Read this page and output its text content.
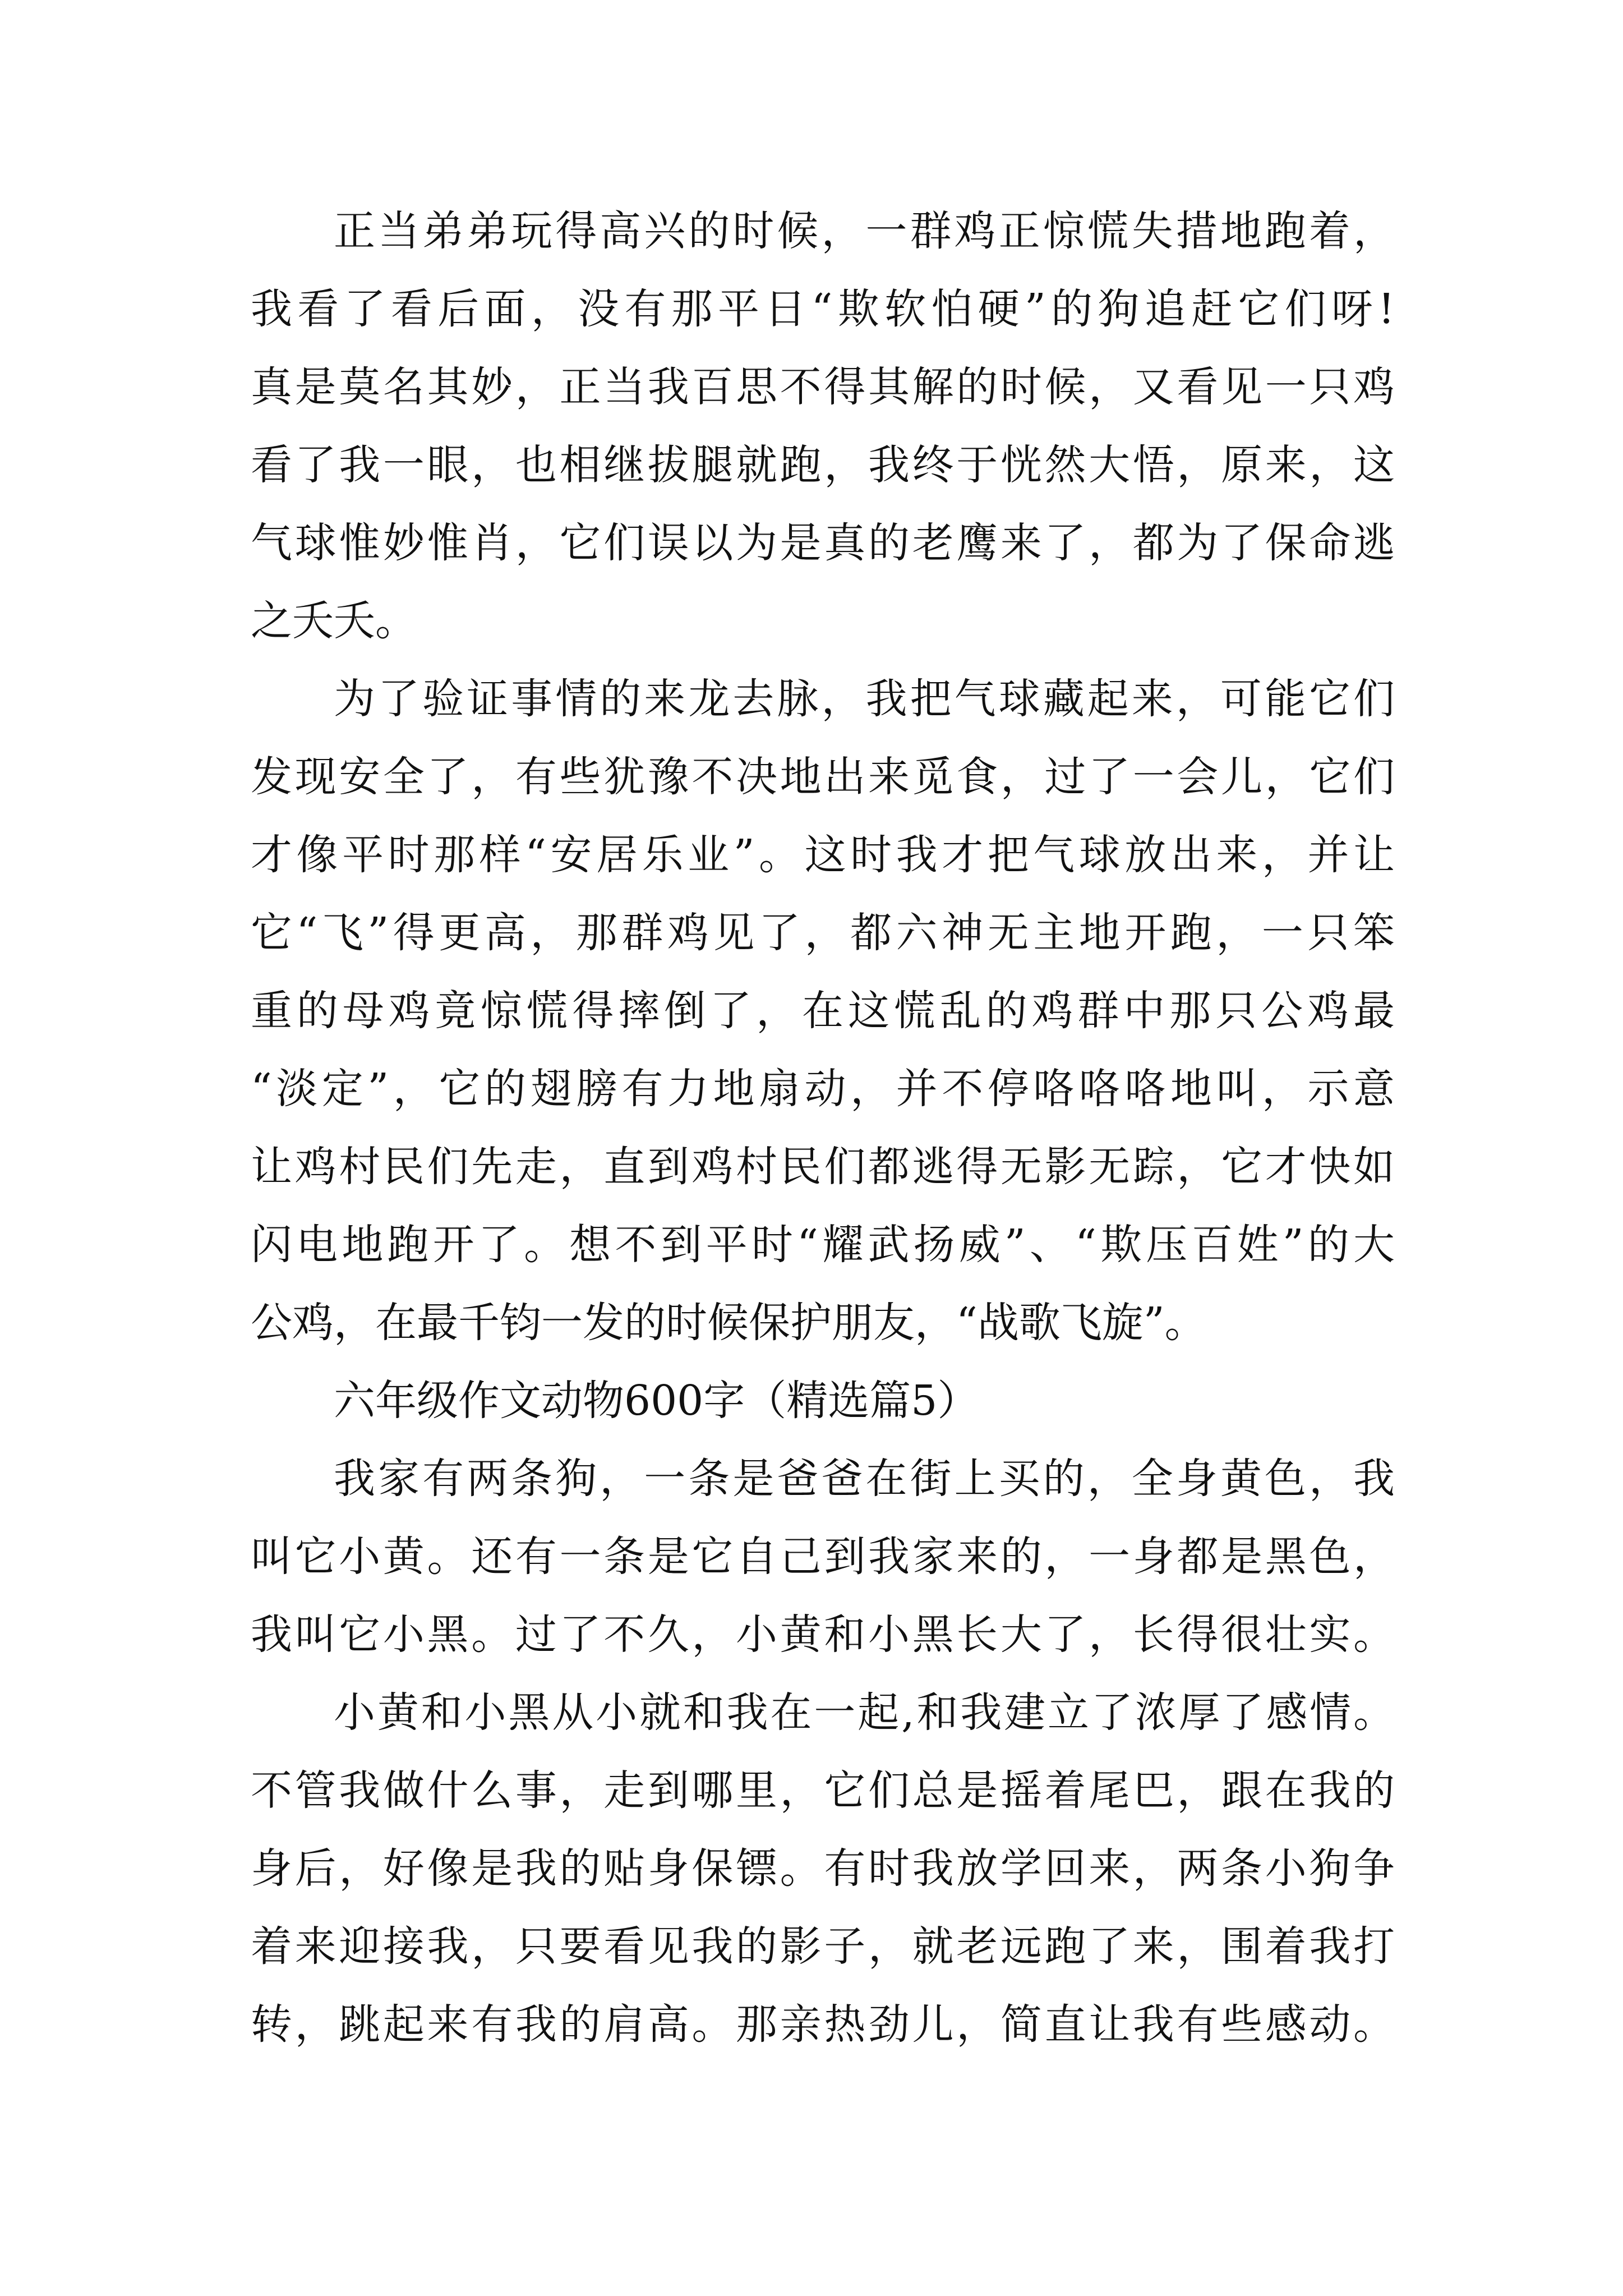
正当弟弟玩得高兴的时候，一群鸡正惊慌失措地跑着，
我看了看后面，没有那平日“欺软怕硬”的狗追赶它们呀!
真是莫名其妙，正当我百思不得其解的时候，又看见一只鸡
看了我一眼，也相继拔腿就跑，我终于恍然大悟，原来，这
气球惟妙惟肖，它们误以为是真的老鹰来了，都为了保命逃
之夭夭。
为了验证事情的来龙去脉，我把气球藏起来，可能它们
发现安全了，有些犹豫不决地出来觅食，过了一会儿，它们
才像平时那样“安居乐业”。这时我才把气球放出来，并让
它“飞”得更高，那群鸡见了，都六神无主地开跑，一只笨
重的母鸡竟惊慌得摔倒了，在这慌乱的鸡群中那只公鸡最
“淡定”，它的翅膀有力地扇动，并不停咯咯咯地叫，示意
让鸡村民们先走，直到鸡村民们都逃得无影无踪，它才快如
闪电地跑开了。想不到平时“耀武扬威”、“欺压百姓”的大
公鸡，在最千钧一发的时候保护朋友，“战歌飞旋”。
六年级作文动物600字（精选篇5）
我家有两条狗，一条是爸爸在街上买的，全身黄色，我
叫它小黄。还有一条是它自己到我家来的，一身都是黑色，
我叫它小黑。过了不久，小黄和小黑长大了，长得很壮实。
小黄和小黑从小就和我在一起,和我建立了浓厚了感情。
不管我做什么事，走到哪里，它们总是摇着尾巴，跟在我的
身后，好像是我的贴身保镖。有时我放学回来，两条小狗争
着来迎接我，只要看见我的影子，就老远跑了来，围着我打
转，跳起来有我的肩高。那亲热劲儿，简直让我有些感动。
